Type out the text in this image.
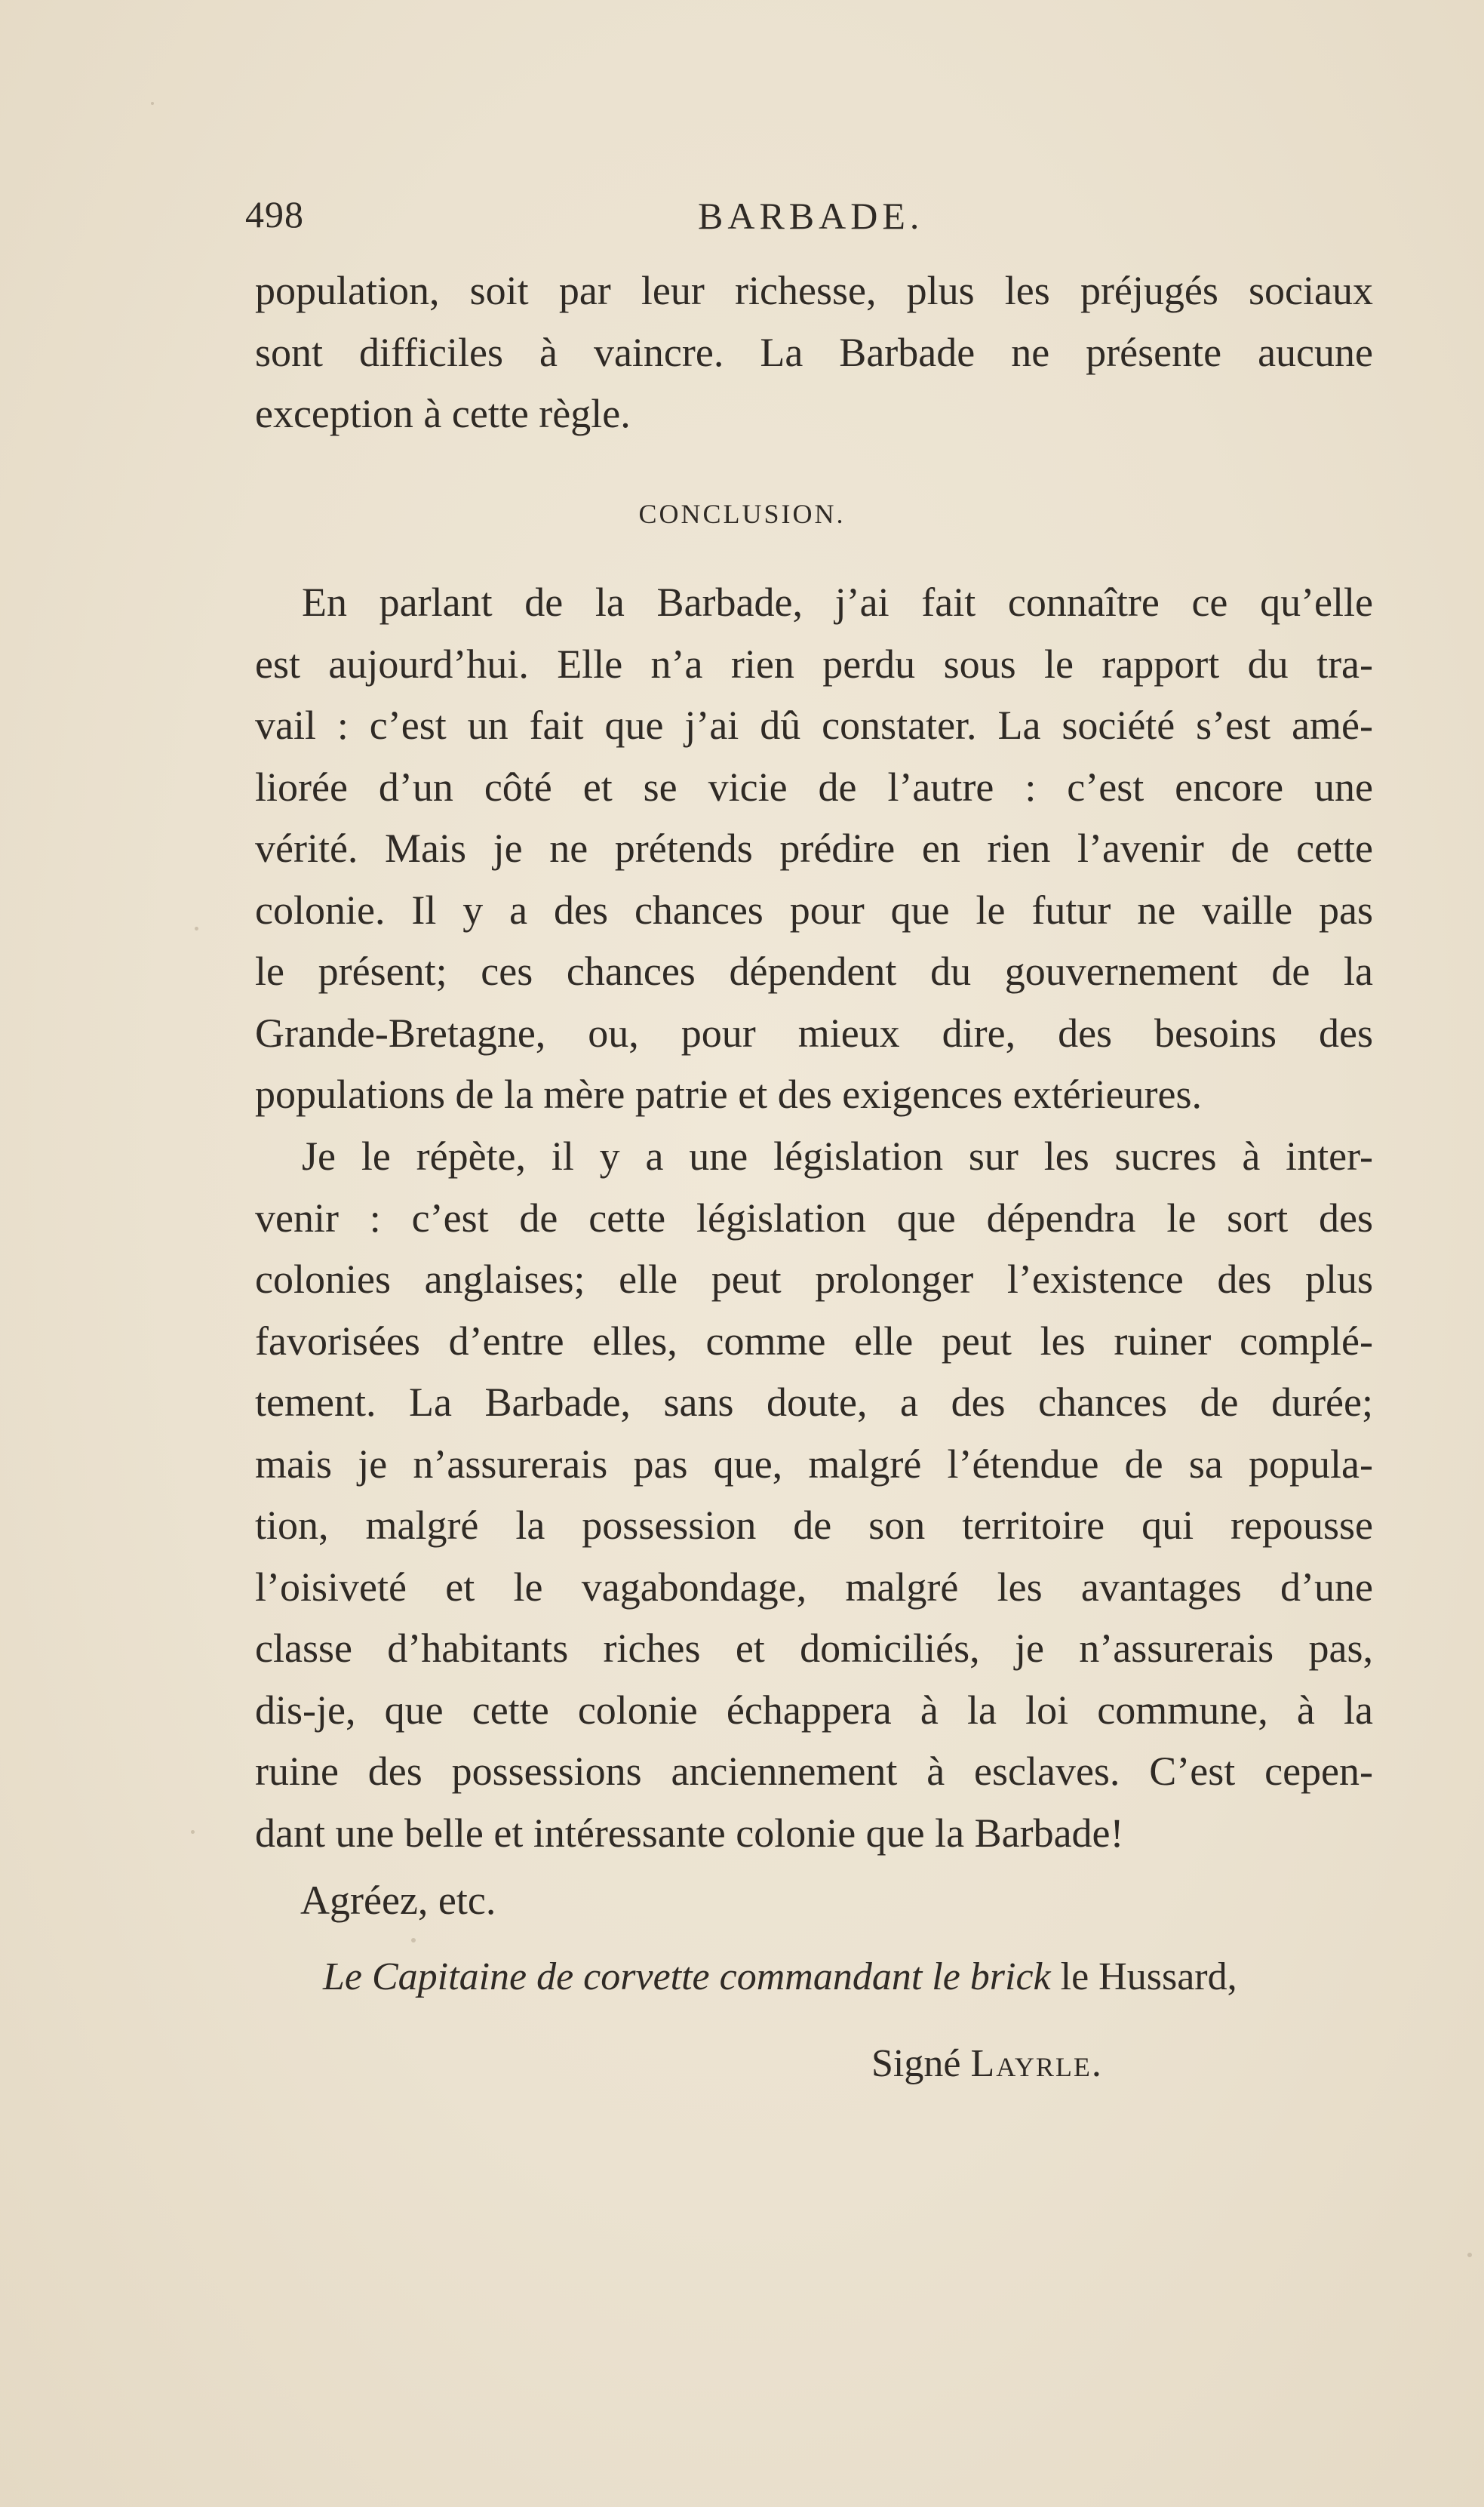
498	BARBADE.
population, soit par leur richesse, plus les préjugés sociaux
sont difficiles à vaincre. La Barbade ne présente aucune
exception à cette règle.
CONCLUSION.
En parlant de la Barbade, j’ai fait connaître ce qu’elle
est aujourd’hui. Elle n’a rien perdu sous le rapport du tra-
vail : c’est un fait que j’ai dû constater. La société s’est amé-
liorée d’un côté et se vicie de l’autre : c’est encore une
vérité. Mais je ne prétends prédire en rien l’avenir de cette
colonie. Il y a des chances pour que le futur ne vaille pas
le présent; ces chances dépendent du gouvernement de la
Grande-Bretagne, ou, pour mieux dire, des besoins des
populations de la mère patrie et des exigences extérieures.
Je le répète, il y a une législation sur les sucres à inter-
venir : c’est de cette législation que dépendra le sort des
colonies anglaises; elle peut prolonger l’existence des plus
favorisées d’entre elles, comme elle peut les ruiner complé-
tement. La Barbade, sans doute, a des chances de durée;
mais je n’assurerais pas que, malgré l’étendue de sa popula-
tion, malgré la possession de son territoire qui repousse
l’oisiveté et le vagabondage, malgré les avantages d’une
classe d’habitants riches et domiciliés, je n’assurerais pas,
dis-je, que cette colonie échappera à la loi commune, à la
ruine des possessions anciennement à esclaves. C’est cepen-
dant une belle et intéressante colonie que la Barbade!
Agréez, etc.
Le Capitaine de corvette commandant le brick le Hussard,
Signé Layrle.
